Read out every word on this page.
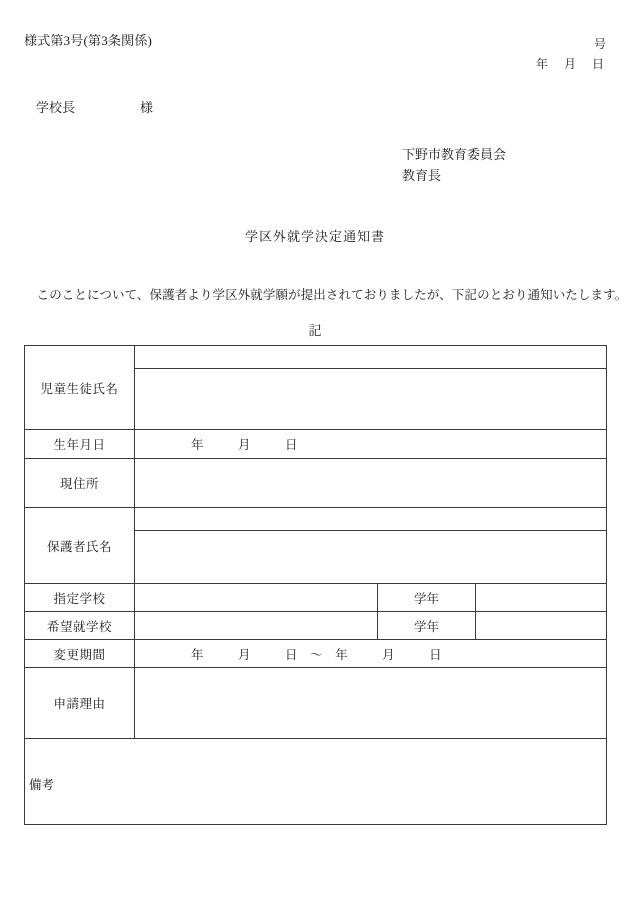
様式第3号(第3条関係)	号
年　月　日
学校長　　　　　様
下野市教育委員会
教育長
学区外就学決定通知書
　このことについて、保護者より学区外就学願が提出されておりましたが、下記のとおり通知いたします。
記
児童生徒氏名			

生年月日	年 月 日		

現住所			
保護者氏名			

指定学校		学年	
希望就学校		学年	
変更期間	年 月 日 ～ 年 月 日		

申請理由			

備考			
